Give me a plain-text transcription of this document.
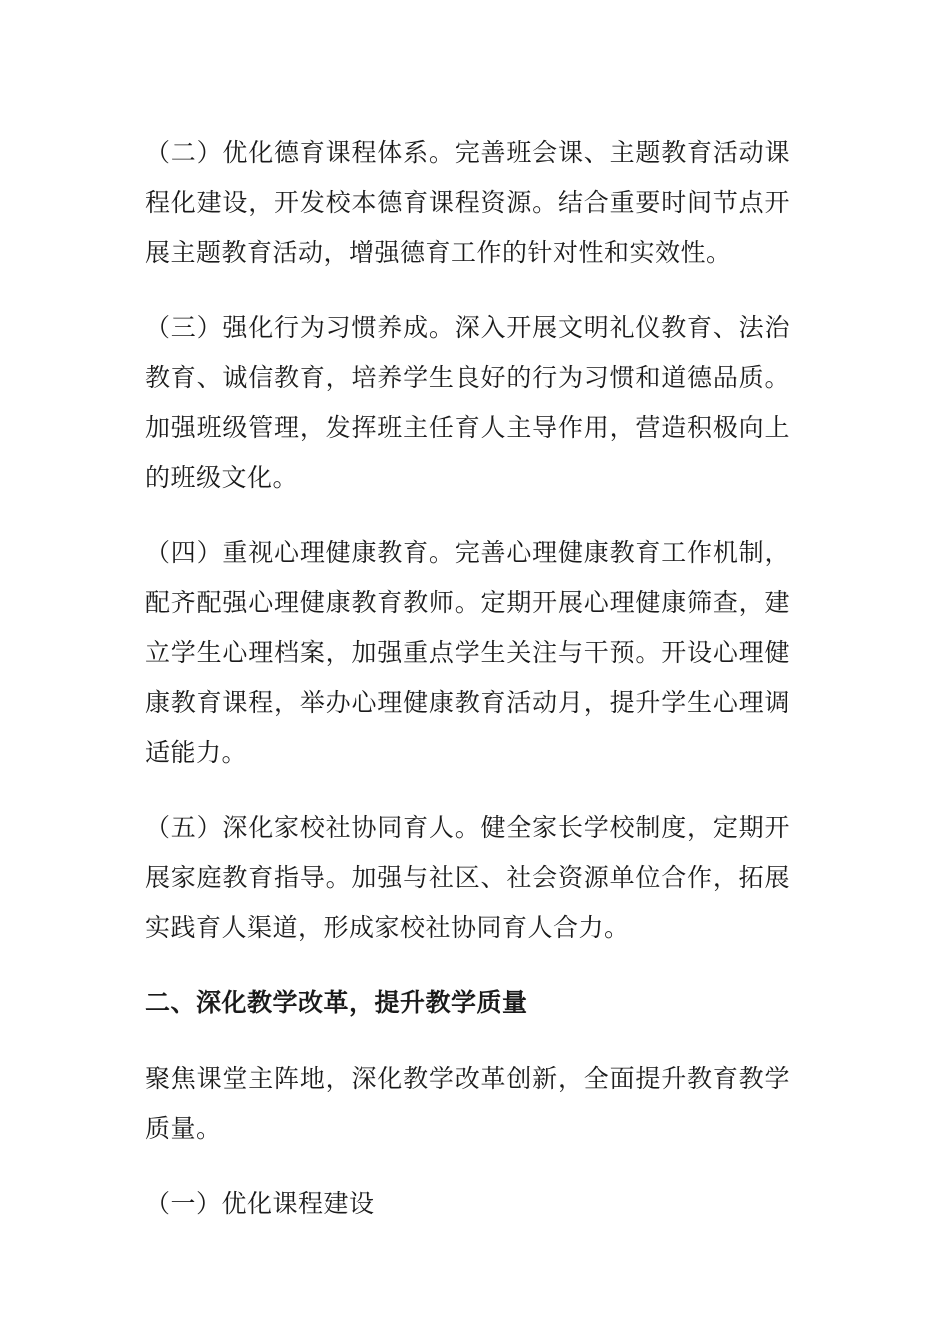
（二）优化德育课程体系。完善班会课、主题教育活动课程化建设，开发校本德育课程资源。结合重要时间节点开展主题教育活动，增强德育工作的针对性和实效性。

（三）强化行为习惯养成。深入开展文明礼仪教育、法治教育、诚信教育，培养学生良好的行为习惯和道德品质。加强班级管理，发挥班主任育人主导作用，营造积极向上的班级文化。

（四）重视心理健康教育。完善心理健康教育工作机制，配齐配强心理健康教育教师。定期开展心理健康筛查，建立学生心理档案，加强重点学生关注与干预。开设心理健康教育课程，举办心理健康教育活动月，提升学生心理调适能力。

（五）深化家校社协同育人。健全家长学校制度，定期开展家庭教育指导。加强与社区、社会资源单位合作，拓展实践育人渠道，形成家校社协同育人合力。

二、深化教学改革，提升教学质量

聚焦课堂主阵地，深化教学改革创新，全面提升教育教学质量。

（一）优化课程建设
